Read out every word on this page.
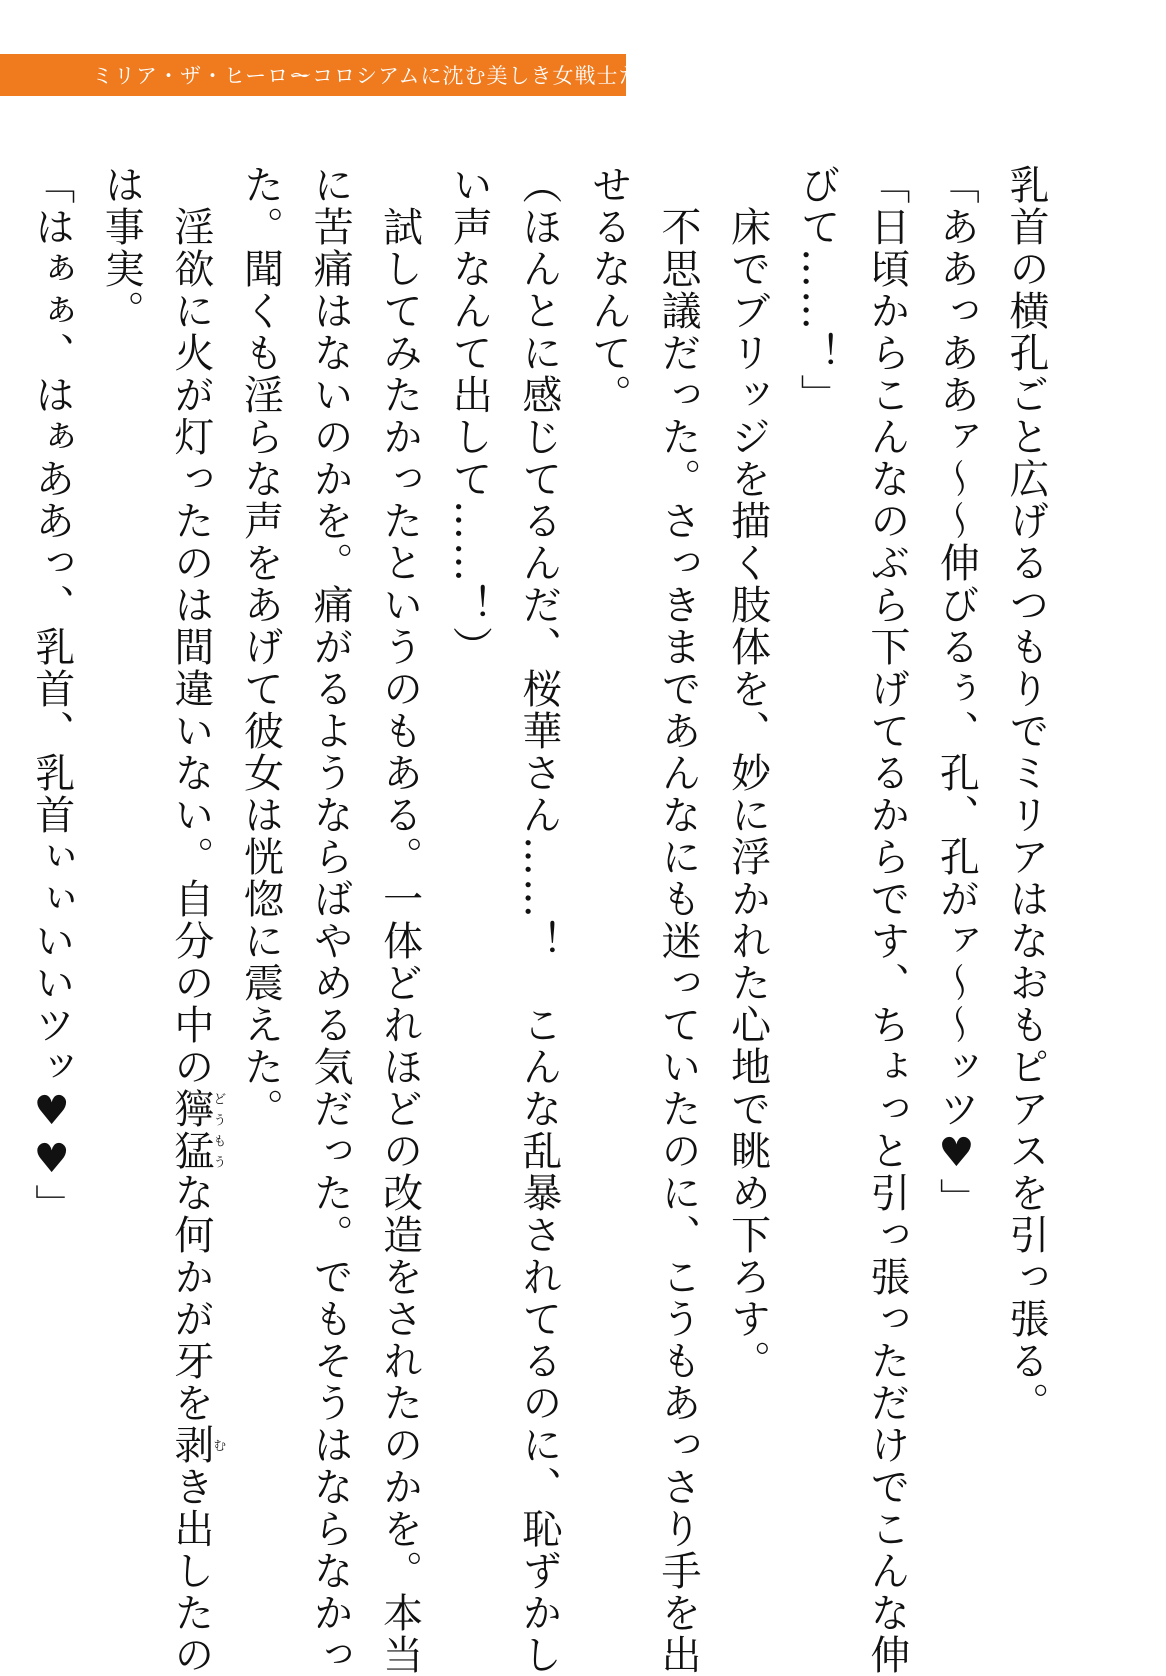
ミリア・ザ・ヒーロー
〜コロシアムに沈む美しき女戦士たち〜

乳首の横孔ごと広げるつもりでミリアはなおもピアスを引っ張る。

「ああっああァ〜〜伸びるぅ、孔、孔がァ〜〜ッツ♥」

「日頃からこんなのぶら下げてるからです、ちょっと引っ張っただけでこんな伸

びて……！」

　床でブリッジを描く肢体を、妙に浮かれた心地で眺め下ろす。

　不思議だった。さっきまであんなにも迷っていたのに、こうもあっさり手を出

せるなんて。

（ほんとに感じてるんだ、桜華さん……！　こんな乱暴されてるのに、恥ずかし

い声なんて出して……！）

　試してみたかったというのもある。一体どれほどの改造をされたのかを。本当

に苦痛はないのかを。痛がるようならばやめる気だった。でもそうはならなかっ

た。聞くも淫らな声をあげて彼女は恍惚に震えた。

　淫欲に火が灯ったのは間違いない。自分の中の獰猛どうもうな何かが牙を剥むき出したの

は事実。

「はぁぁ、はぁああっ、乳首、乳首ぃぃいいツッ♥♥」
